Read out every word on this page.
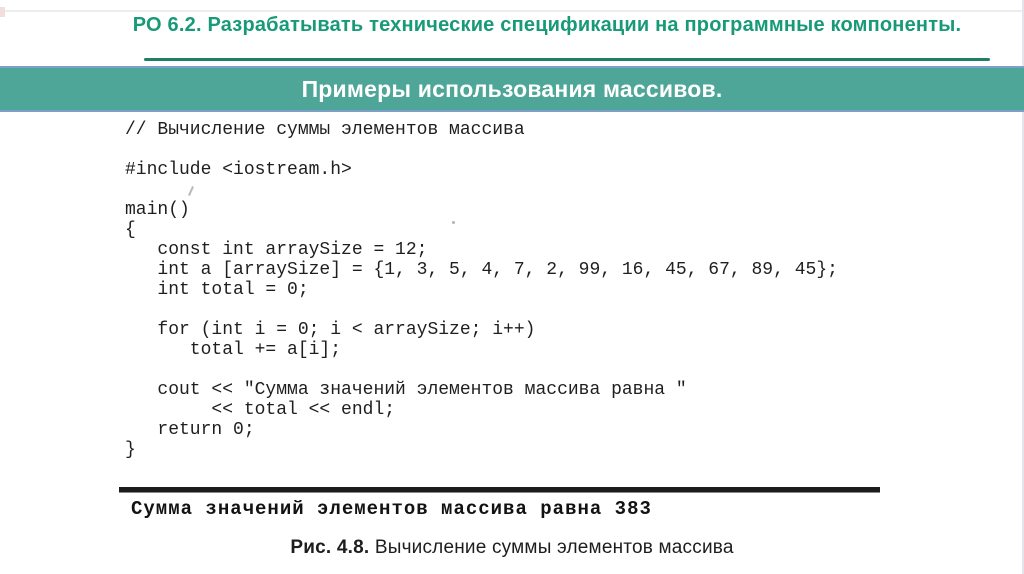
РО 6.2. Разрабатывать технические спецификации на программные компоненты.
Примеры использования массивов.
// Вычисление суммы элементов массива
#include <iostream.h>
main()
{
const int arraySize = 12;
int a [arraySize] = {1, 3, 5, 4, 7, 2, 99, 16, 45, 67, 89, 45};
int total = 0;
for (int i = 0; i < arraySize; i++)
total += a[i];
cout << "Сумма значений элементов массива равна "
<< total << endl;
return 0;
}
Сумма значений элементов массива равна 383
Рис. 4.8. Вычисление суммы элементов массива
